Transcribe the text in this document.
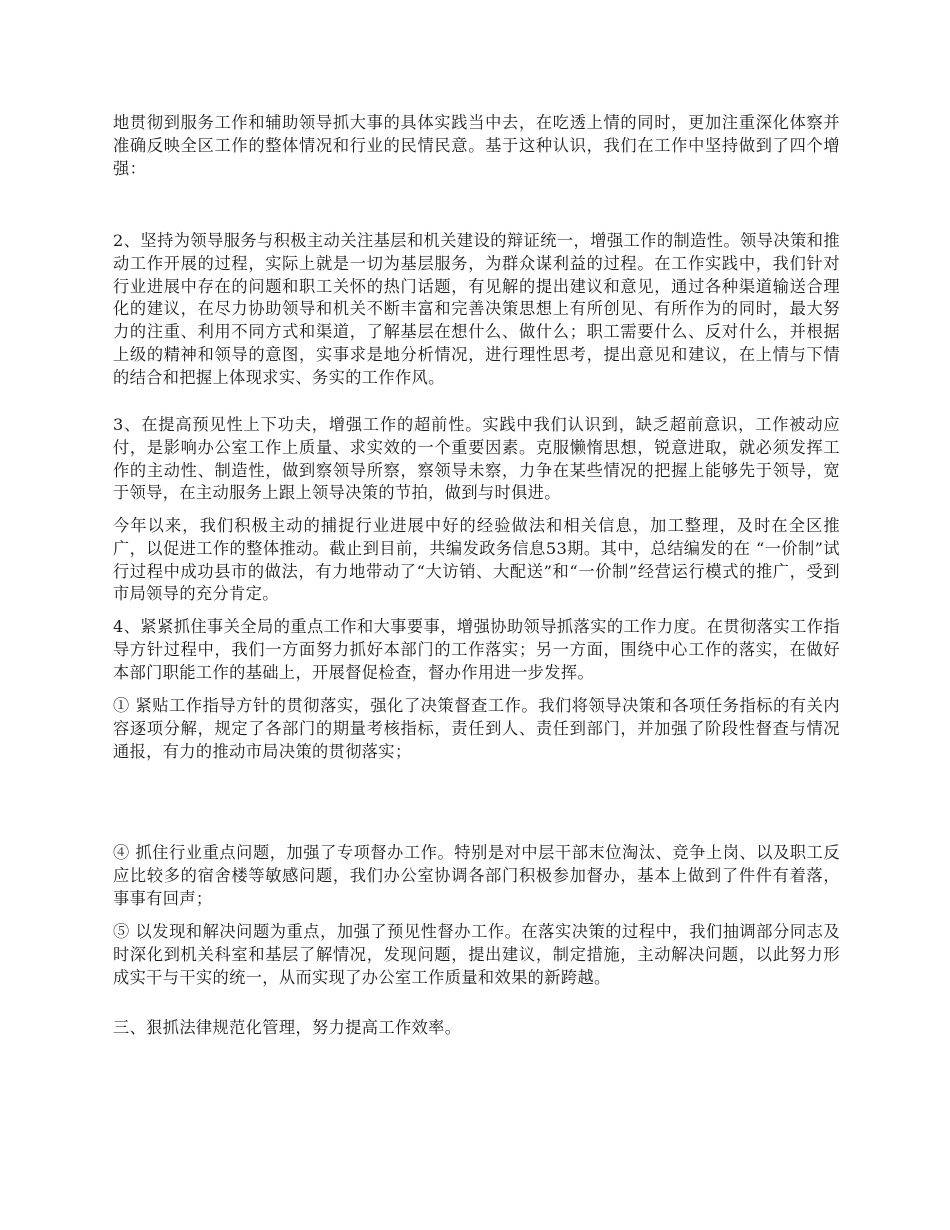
地贯彻到服务工作和辅助领导抓大事的具体实践当中去，在吃透上情的同时，更加注重深化体察并准确反映全区工作的整体情况和行业的民情民意。基于这种认识，我们在工作中坚持做到了四个增强：

2、坚持为领导服务与积极主动关注基层和机关建设的辩证统一，增强工作的制造性。领导决策和推动工作开展的过程，实际上就是一切为基层服务，为群众谋利益的过程。在工作实践中，我们针对行业进展中存在的问题和职工关怀的热门话题，有见解的提出建议和意见，通过各种渠道输送合理化的建议，在尽力协助领导和机关不断丰富和完善决策思想上有所创见、有所作为的同时，最大努力的注重、利用不同方式和渠道，了解基层在想什么、做什么；职工需要什么、反对什么，并根据上级的精神和领导的意图，实事求是地分析情况，进行理性思考，提出意见和建议，在上情与下情的结合和把握上体现求实、务实的工作作风。

3、在提高预见性上下功夫，增强工作的超前性。实践中我们认识到，缺乏超前意识，工作被动应付，是影响办公室工作上质量、求实效的一个重要因素。克服懒惰思想，锐意进取，就必须发挥工作的主动性、制造性，做到察领导所察，察领导未察，力争在某些情况的把握上能够先于领导，宽于领导，在主动服务上跟上领导决策的节拍，做到与时俱进。

今年以来，我们积极主动的捕捉行业进展中好的经验做法和相关信息，加工整理，及时在全区推广，以促进工作的整体推动。截止到目前，共编发政务信息53期。其中，总结编发的在 “一价制”试行过程中成功县市的做法，有力地带动了“大访销、大配送”和“一价制”经营运行模式的推广，受到市局领导的充分肯定。

4、紧紧抓住事关全局的重点工作和大事要事，增强协助领导抓落实的工作力度。在贯彻落实工作指导方针过程中，我们一方面努力抓好本部门的工作落实；另一方面，围绕中心工作的落实，在做好本部门职能工作的基础上，开展督促检查，督办作用进一步发挥。

① 紧贴工作指导方针的贯彻落实，强化了决策督查工作。我们将领导决策和各项任务指标的有关内容逐项分解，规定了各部门的期量考核指标，责任到人、责任到部门，并加强了阶段性督查与情况通报，有力的推动市局决策的贯彻落实；

④ 抓住行业重点问题，加强了专项督办工作。特别是对中层干部末位淘汰、竞争上岗、以及职工反应比较多的宿舍楼等敏感问题，我们办公室协调各部门积极参加督办，基本上做到了件件有着落，事事有回声；

⑤ 以发现和解决问题为重点，加强了预见性督办工作。在落实决策的过程中，我们抽调部分同志及时深化到机关科室和基层了解情况，发现问题，提出建议，制定措施，主动解决问题，以此努力形成实干与干实的统一，从而实现了办公室工作质量和效果的新跨越。

三、狠抓法律规范化管理，努力提高工作效率。
